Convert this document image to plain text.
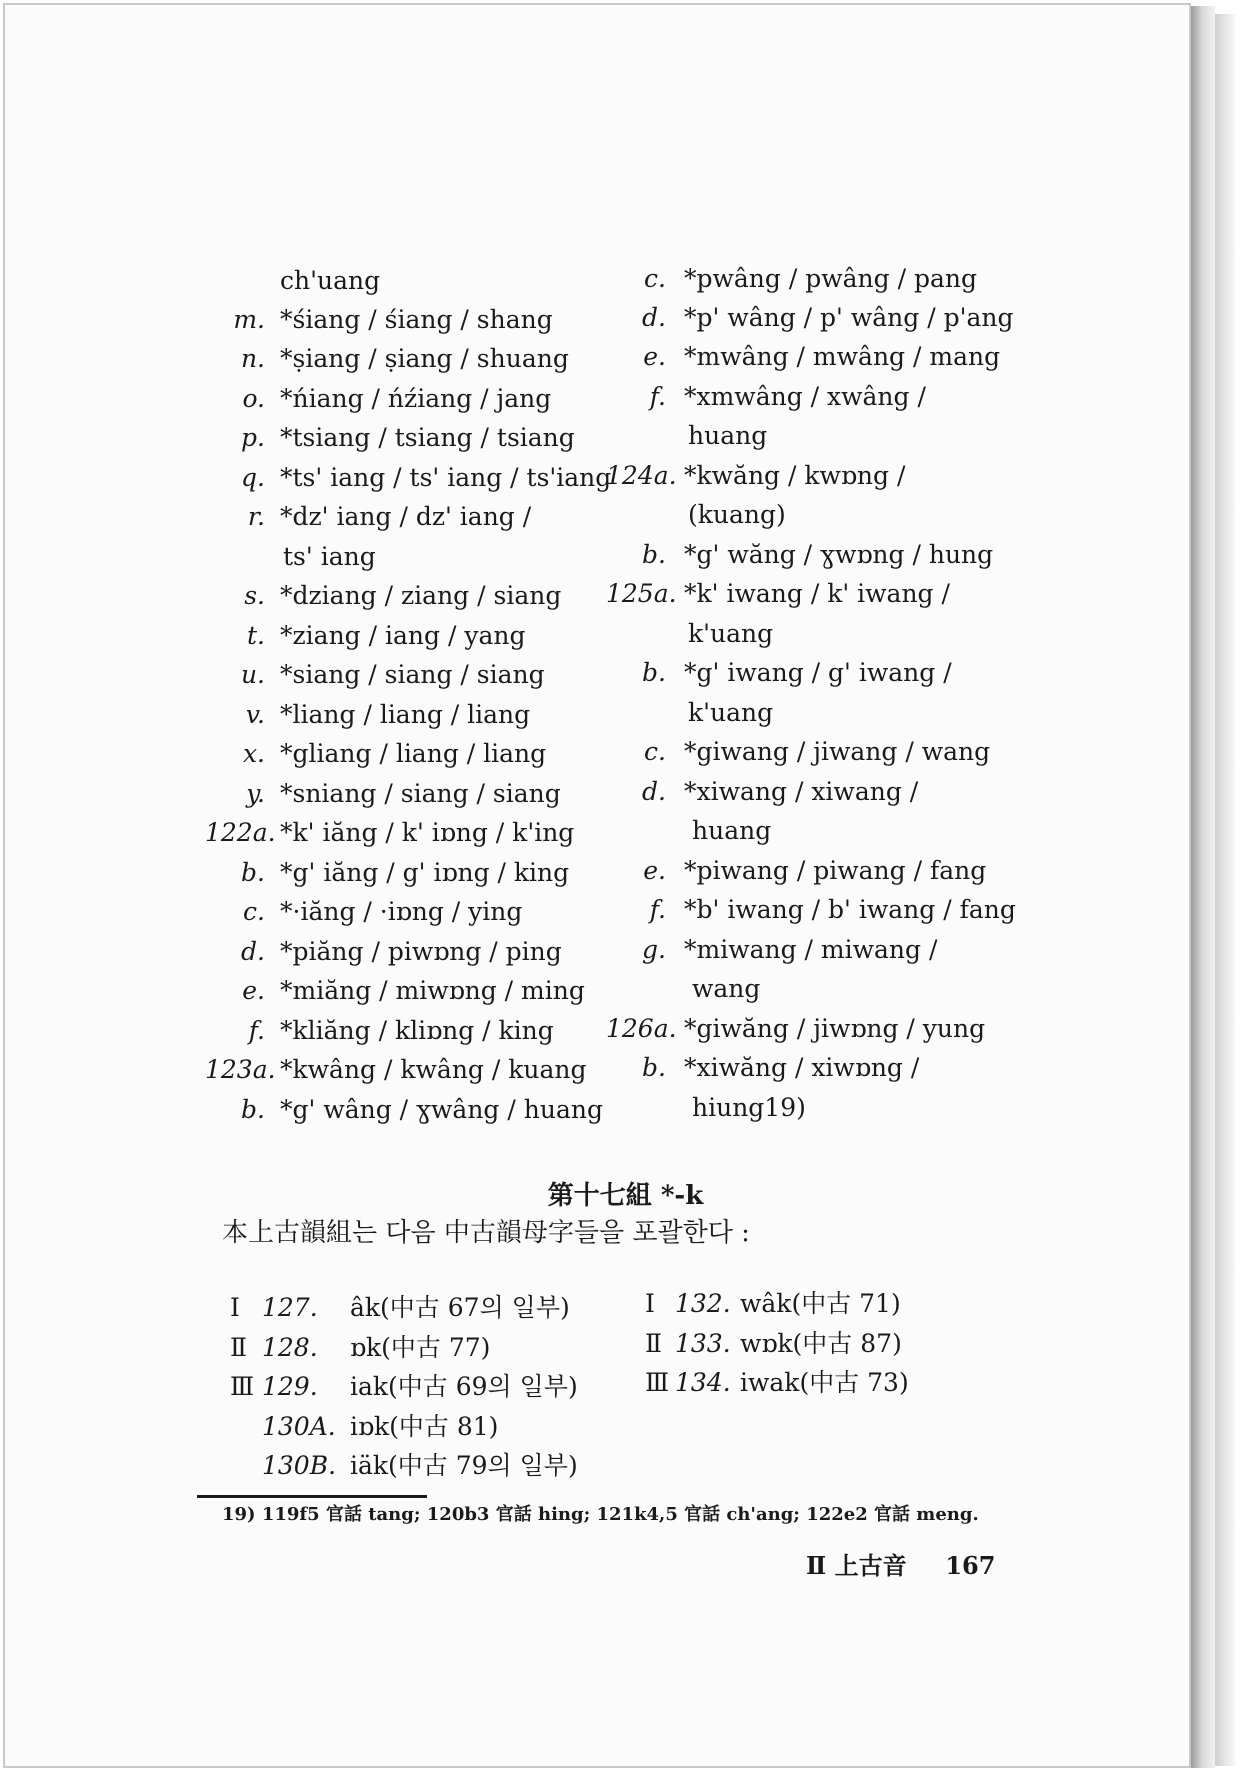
ch'uang
m. *śiang / śiang / shang
n. *ṣiang / ṣiang / shuang
o. *ńiang / ńźiang / jang
p. *tsiang / tsiang / tsiang
q. *ts' iang / ts' iang / ts'iang
r. *dz' iang / dz' iang /
ts' iang
s. *dziang / ziang / siang
t. *ziang / iang / yang
u. *siang / siang / siang
v. *liang / liang / liang
x. *gliang / liang / liang
y. *sniang / siang / siang
122a. *k' iăng / k' iɒng / k'ing
b. *g' iăng / g' iɒng / king
c. *·iăng / ·iɒng / ying
d. *piăng / piwɒng / ping
e. *miăng / miwɒng / ming
f. *kliăng / kliɒng / king
123a. *kwâng / kwâng / kuang
b. *g' wâng / ɣwâng / huang
c. *pwâng / pwâng / pang
d. *p' wâng / p' wâng / p'ang
e. *mwâng / mwâng / mang
f. *xmwâng / xwâng /
huang
124a. *kwăng / kwɒng /
(kuang)
b. *g' wăng / ɣwɒng / hung
125a. *k' iwang / k' iwang /
k'uang
b. *g' iwang / g' iwang /
k'uang
c. *giwang / jiwang / wang
d. *xiwang / xiwang /
huang
e. *piwang / piwang / fang
f. *b' iwang / b' iwang / fang
g. *miwang / miwang /
wang
126a. *giwăng / jiwɒng / yung
b. *xiwăng / xiwɒng /
hiung19)
第十七組 *-k
本上古韻組는 다음 中古韻母字들을 포괄한다 :
Ⅰ 127. âk(中古 67의 일부)
Ⅱ 128. ɒk(中古 77)
Ⅲ 129. iak(中古 69의 일부)
130A. iɒk(中古 81)
130B. iäk(中古 79의 일부)
Ⅰ 132. wâk(中古 71)
Ⅱ 133. wɒk(中古 87)
Ⅲ 134. iwak(中古 73)
19) 119f5 官話 tang; 120b3 官話 hing; 121k4,5 官話 ch'ang; 122e2 官話 meng.
Ⅱ 上古音 167
